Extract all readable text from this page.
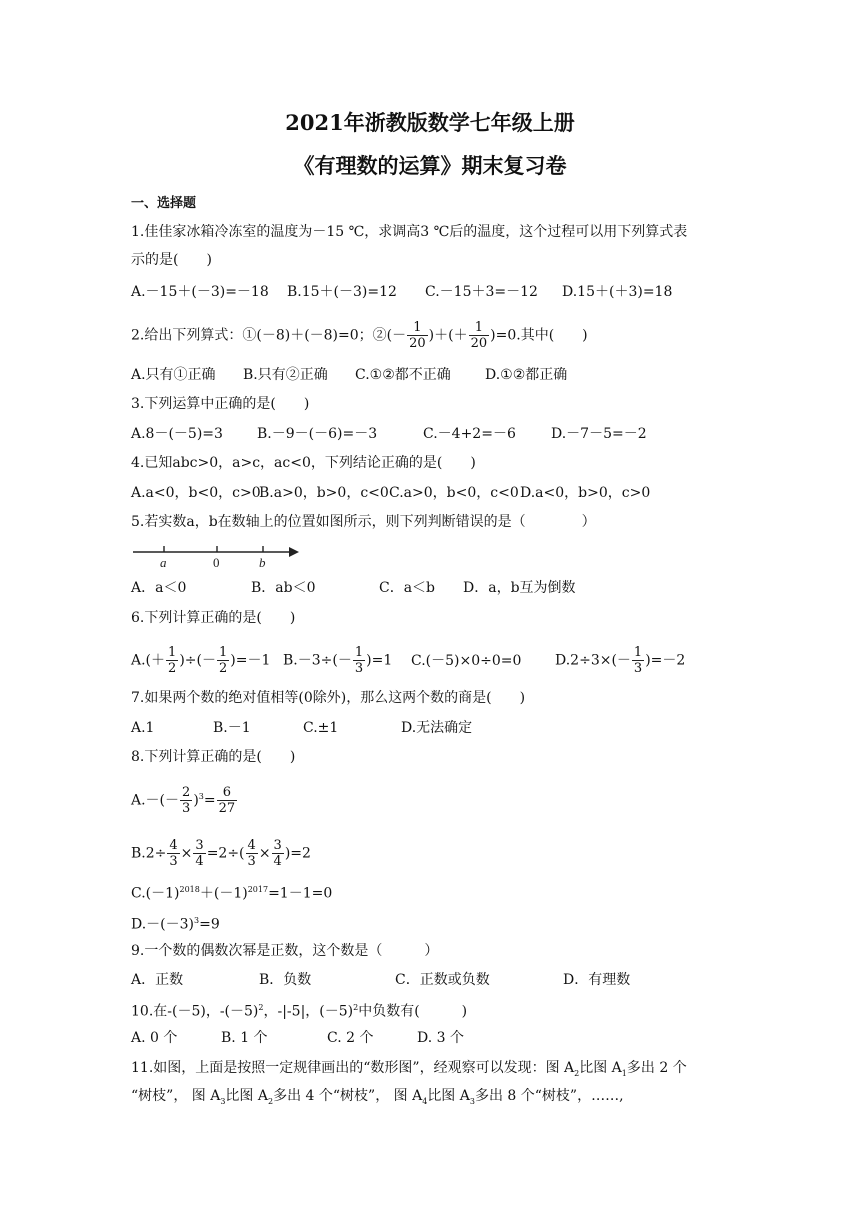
2021年浙教版数学七年级上册
《有理数的运算》期末复习卷
一、选择题
1.佳佳家冰箱冷冻室的温度为－15 ℃，求调高3 ℃后的温度，这个过程可以用下列算式表
示的是(　　)
A.－15＋(－3)=－18 B.15＋(－3)=12 C.－15＋3=－12 D.15＋(＋3)=18
2.给出下列算式：①(－8)＋(－8)=0；②(－ $\frac{1}{20}$ )＋(＋ $\frac{1}{20} )=0$.其中(　　)
A.只有①正确 B.只有②正确 C.①②都不正确 D.①②都正确
3.下列运算中正确的是(　　)
A.8－(－5)=3 B.－9－(－6)=－3	C.－4+2=－6	D.－7－5=－2
4.已知abc>0，a>c，ac<0，下列结论正确的是(　　)
A.a<0，b<0，c>0B.a>0，b>0，c<0C.a>0，b<0，c<0D.a<0，b>0，c>0
5.若实数a，b在数轴上的位置如图所示，则下列判断错误的是（　　　　）
a	0	b
A．a＜0	B．ab＜0	C．a＜b D．a，b互为倒数
6.下列计算正确的是(　　)
$A.(+ \frac{1}{2}$ )÷(－ $\frac{1}{2} )=-1$ $B.-3\div(- \frac{1}{3} )=1$ C.(－5)×0÷0=0 $D.2\div 3\times(- \frac{1}{3} )=-2$
7.如果两个数的绝对值相等(0除外)，那么这两个数的商是(　　)
A.1	B.－1	C.±1	D.无法确定
8.下列计算正确的是(　　)
$A.-(- \frac{2}{3} )^3= \frac{6}{27}$
$B.2\div \frac{4}{3} \times \frac{3}{4} =2\div( \frac{4}{3} \times \frac{3}{4} )=2$
$C.(-1)^{2018}+(-1)^{2017}=1-1=0$
$D.-(-3)^3=9$
9.一个数的偶数次幂是正数，这个数是（　　　）
A．正数	B．负数	C．正数或负数	D．有理数
10.在-(－5)，$-(-5)^2$，-|-5|，$(-5)^2$中负数有(　　　)
A. 0 个	B. 1 个	C. 2 个	D. 3 个
11.如图，上面是按照一定规律画出的“数形图”，经观察可以发现：图 $A_2$比图 $A_1$多出 2 个
“树枝”， 图 $A_3$比图 $A_2$多出 4 个“树枝”， 图 $A_4$比图 $A_3$多出 8 个“树枝”，……,
